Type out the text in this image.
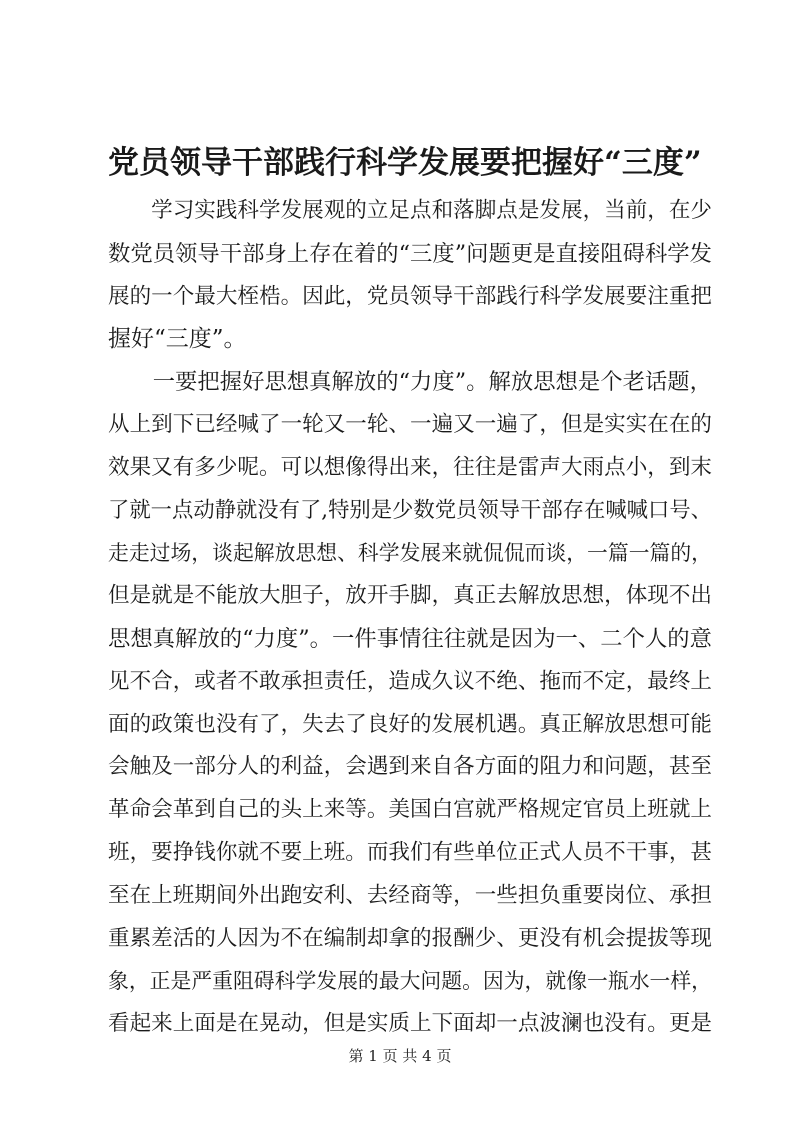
党员领导干部践行科学发展要把握好“三度”
　　学习实践科学发展观的立足点和落脚点是发展，当前，在少
数党员领导干部身上存在着的“三度”问题更是直接阻碍科学发
展的一个最大桎梏。因此，党员领导干部践行科学发展要注重把
握好“三度”。
　　一要把握好思想真解放的“力度”。解放思想是个老话题，
从上到下已经喊了一轮又一轮、一遍又一遍了，但是实实在在的
效果又有多少呢。可以想像得出来，往往是雷声大雨点小，到末
了就一点动静就没有了,特别是少数党员领导干部存在喊喊口号、
走走过场，谈起解放思想、科学发展来就侃侃而谈，一篇一篇的，
但是就是不能放大胆子，放开手脚，真正去解放思想，体现不出
思想真解放的“力度”。一件事情往往就是因为一、二个人的意
见不合，或者不敢承担责任，造成久议不绝、拖而不定，最终上
面的政策也没有了，失去了良好的发展机遇。真正解放思想可能
会触及一部分人的利益，会遇到来自各方面的阻力和问题，甚至
革命会革到自己的头上来等。美国白宫就严格规定官员上班就上
班，要挣钱你就不要上班。而我们有些单位正式人员不干事，甚
至在上班期间外出跑安利、去经商等，一些担负重要岗位、承担
重累差活的人因为不在编制却拿的报酬少、更没有机会提拔等现
象，正是严重阻碍科学发展的最大问题。因为，就像一瓶水一样，
看起来上面是在晃动，但是实质上下面却一点波澜也没有。更是
第 1 页 共 4 页
